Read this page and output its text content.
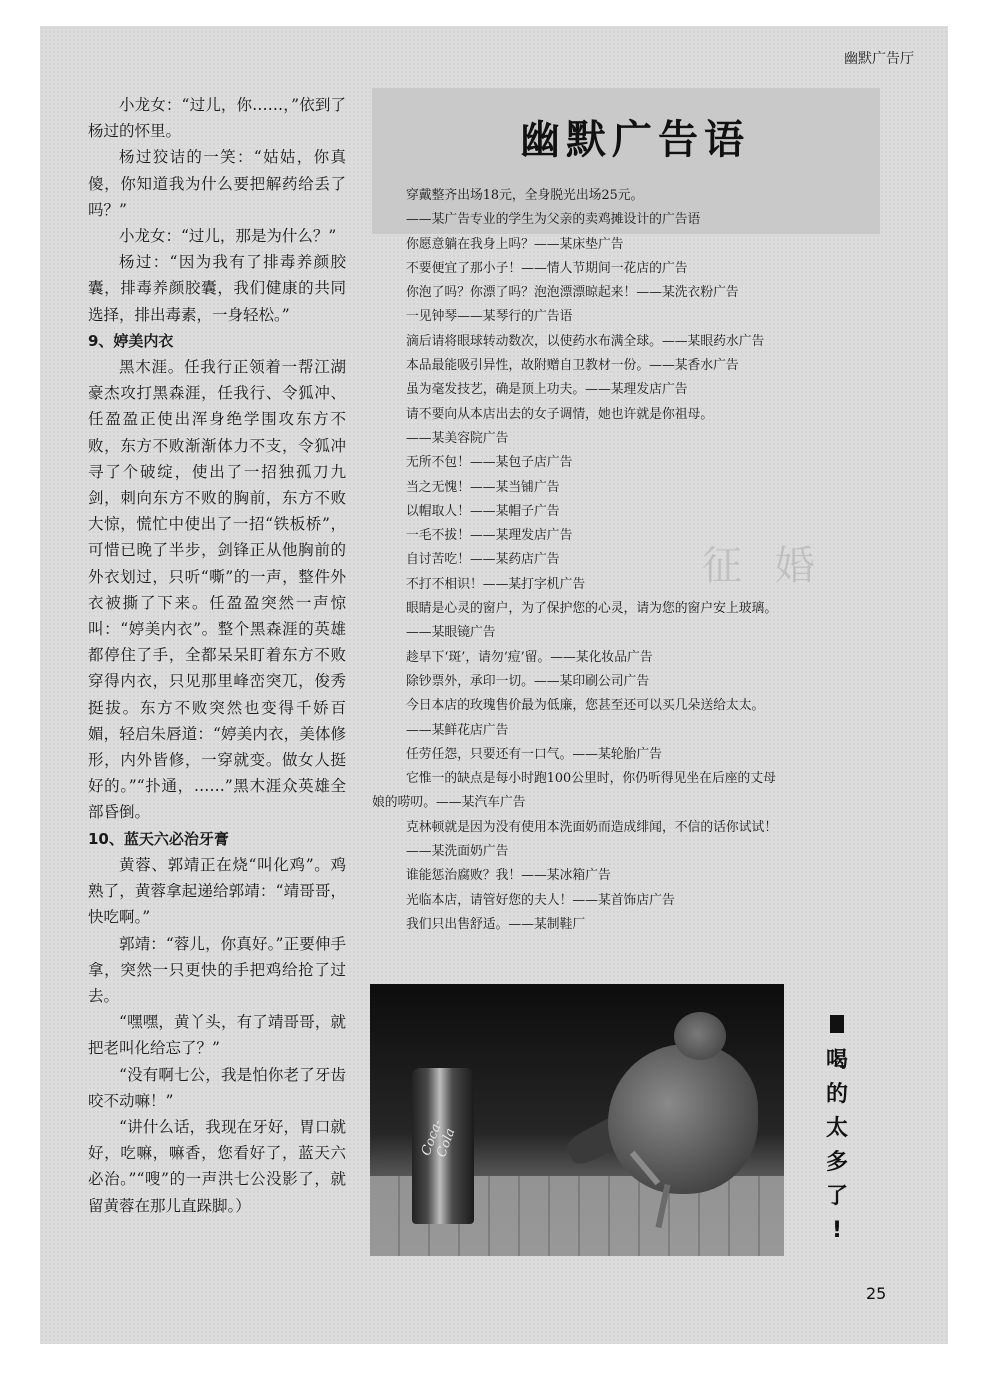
幽默广告厅

小龙女：“过儿，你……，”依到了杨过的怀里。

杨过狡诘的一笑：“姑姑，你真傻，你知道我为什么要把解药给丢了吗？”

小龙女：“过儿，那是为什么？”

杨过：“因为我有了排毒养颜胶囊，排毒养颜胶囊，我们健康的共同选择，排出毒素，一身轻松。”

9、婷美内衣

黑木涯。任我行正领着一帮江湖豪杰攻打黑森涯，任我行、令狐冲、任盈盈正使出浑身绝学围攻东方不败，东方不败渐渐体力不支，令狐冲寻了个破绽，使出了一招独孤刀九剑，刺向东方不败的胸前，东方不败大惊，慌忙中使出了一招“铁板桥”，可惜已晚了半步，剑锋正从他胸前的外衣划过，只听“嘶”的一声，整件外衣被撕了下来。任盈盈突然一声惊叫：“婷美内衣”。整个黑森涯的英雄都停住了手，全都呆呆盯着东方不败穿得内衣，只见那里峰峦突兀，俊秀挺拔。东方不败突然也变得千娇百媚，轻启朱唇道：“婷美内衣，美体修形，内外皆修，一穿就变。做女人挺好的。”“扑通，……”黑木涯众英雄全部昏倒。

10、蓝天六必治牙膏

黄蓉、郭靖正在烧“叫化鸡”。鸡熟了，黄蓉拿起递给郭靖：“靖哥哥，快吃啊。”

郭靖：“蓉儿，你真好。”正要伸手拿，突然一只更快的手把鸡给抢了过去。

“嘿嘿，黄丫头，有了靖哥哥，就把老叫化给忘了？”

“没有啊七公，我是怕你老了牙齿咬不动嘛！”

“讲什么话，我现在牙好，胃口就好，吃嘛，嘛香，您看好了，蓝天六必治。”“嗖”的一声洪七公没影了，就留黄蓉在那儿直跺脚。）

幽默广告语
征 婚
穿戴整齐出场18元，全身脱光出场25元。
——某广告专业的学生为父亲的卖鸡摊设计的广告语
你愿意躺在我身上吗？——某床垫广告
不要便宜了那小子！——情人节期间一花店的广告
你泡了吗？你漂了吗？泡泡漂漂晾起来！——某洗衣粉广告
一见钟琴——某琴行的广告语
滴后请将眼球转动数次，以使药水布满全球。——某眼药水广告
本品最能吸引异性，故附赠自卫教材一份。——某香水广告
虽为毫发技艺，确是顶上功夫。——某理发店广告
请不要向从本店出去的女子调情，她也许就是你祖母。
——某美容院广告
无所不包！——某包子店广告
当之无愧！——某当铺广告
以帽取人！——某帽子广告
一毛不拔！——某理发店广告
自讨苦吃！——某药店广告
不打不相识！——某打字机广告
眼睛是心灵的窗户，为了保护您的心灵，请为您的窗户安上玻璃。
——某眼镜广告
趁早下‘斑’，请勿‘痘’留。——某化妆品广告
除钞票外，承印一切。——某印刷公司广告
今日本店的玫瑰售价最为低廉，您甚至还可以买几朵送给太太。
——某鲜花店广告
任劳任怨，只要还有一口气。——某轮胎广告
它惟一的缺点是每小时跑100公里时，你仍听得见坐在后座的丈母
娘的唠叨。——某汽车广告
克林顿就是因为没有使用本洗面奶而造成绯闻，不信的话你试试！
——某洗面奶广告
谁能惩治腐败？我！——某冰箱广告
光临本店，请管好您的夫人！——某首饰店广告
我们只出售舒适。——某制鞋厂
Coca-Cola
喝
的
太
多
了
!
25
